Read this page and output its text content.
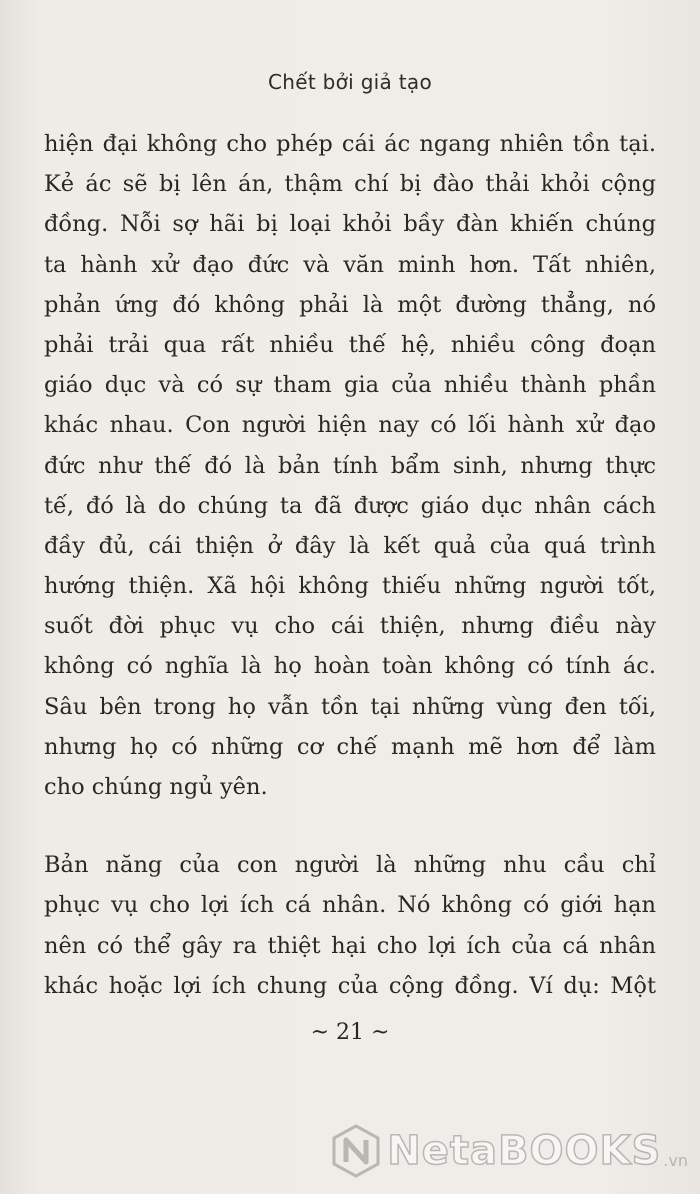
Chết bởi giả tạo
hiện đại không cho phép cái ác ngang nhiên tồn tại.
Kẻ ác sẽ bị lên án, thậm chí bị đào thải khỏi cộng
đồng. Nỗi sợ hãi bị loại khỏi bầy đàn khiến chúng
ta hành xử đạo đức và văn minh hơn. Tất nhiên,
phản ứng đó không phải là một đường thẳng, nó
phải trải qua rất nhiều thế hệ, nhiều công đoạn
giáo dục và có sự tham gia của nhiều thành phần
khác nhau. Con người hiện nay có lối hành xử đạo
đức như thế đó là bản tính bẩm sinh, nhưng thực
tế, đó là do chúng ta đã được giáo dục nhân cách
đầy đủ, cái thiện ở đây là kết quả của quá trình
hướng thiện. Xã hội không thiếu những người tốt,
suốt đời phục vụ cho cái thiện, nhưng điều này
không có nghĩa là họ hoàn toàn không có tính ác.
Sâu bên trong họ vẫn tồn tại những vùng đen tối,
nhưng họ có những cơ chế mạnh mẽ hơn để làm
cho chúng ngủ yên.
Bản năng của con người là những nhu cầu chỉ
phục vụ cho lợi ích cá nhân. Nó không có giới hạn
nên có thể gây ra thiệt hại cho lợi ích của cá nhân
khác hoặc lợi ích chung của cộng đồng. Ví dụ: Một
~ 21 ~
NetaBOOKS .vn
